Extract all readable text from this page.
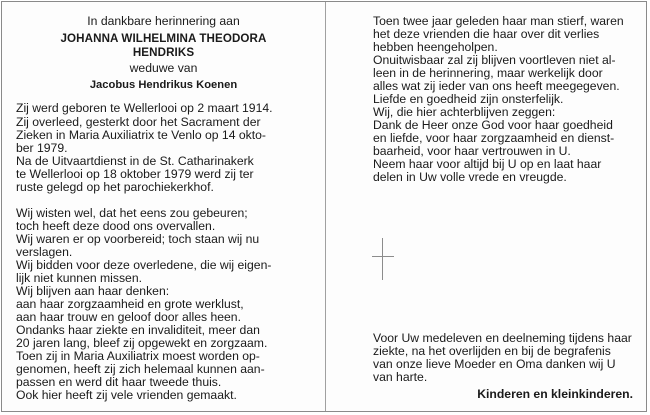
In dankbare herinnering aan
JOHANNA WILHELMINA THEODORA
HENDRIKS
weduwe van
Jacobus Hendrikus Koenen
Zij werd geboren te Wellerlooi op 2 maart 1914.
Zij overleed, gesterkt door het Sacrament der
Zieken in Maria Auxiliatrix te Venlo op 14 okto-
ber 1979.
Na de Uitvaartdienst in de St. Catharinakerk
te Wellerlooi op 18 oktober 1979 werd zij ter
ruste gelegd op het parochiekerkhof.
Wij wisten wel, dat het eens zou gebeuren;
toch heeft deze dood ons overvallen.
Wij waren er op voorbereid; toch staan wij nu
verslagen.
Wij bidden voor deze overledene, die wij eigen-
lijk niet kunnen missen.
Wij blijven aan haar denken:
aan haar zorgzaamheid en grote werklust,
aan haar trouw en geloof door alles heen.
Ondanks haar ziekte en invaliditeit, meer dan
20 jaren lang, bleef zij opgewekt en zorgzaam.
Toen zij in Maria Auxiliatrix moest worden op-
genomen, heeft zij zich helemaal kunnen aan-
passen en werd dit haar tweede thuis.
Ook hier heeft zij vele vrienden gemaakt.
Toen twee jaar geleden haar man stierf, waren
het deze vrienden die haar over dit verlies
hebben heengeholpen.
Onuitwisbaar zal zij blijven voortleven niet al-
leen in de herinnering, maar werkelijk door
alles wat zij ieder van ons heeft meegegeven.
Liefde en goedheid zijn onsterfelijk.
Wij, die hier achterblijven zeggen:
Dank de Heer onze God voor haar goedheid
en liefde, voor haar zorgzaamheid en dienst-
baarheid, voor haar vertrouwen in U.
Neem haar voor altijd bij U op en laat haar
delen in Uw volle vrede en vreugde.
Voor Uw medeleven en deelneming tijdens haar
ziekte, na het overlijden en bij de begrafenis
van onze lieve Moeder en Oma danken wij U
van harte.
Kinderen en kleinkinderen.
